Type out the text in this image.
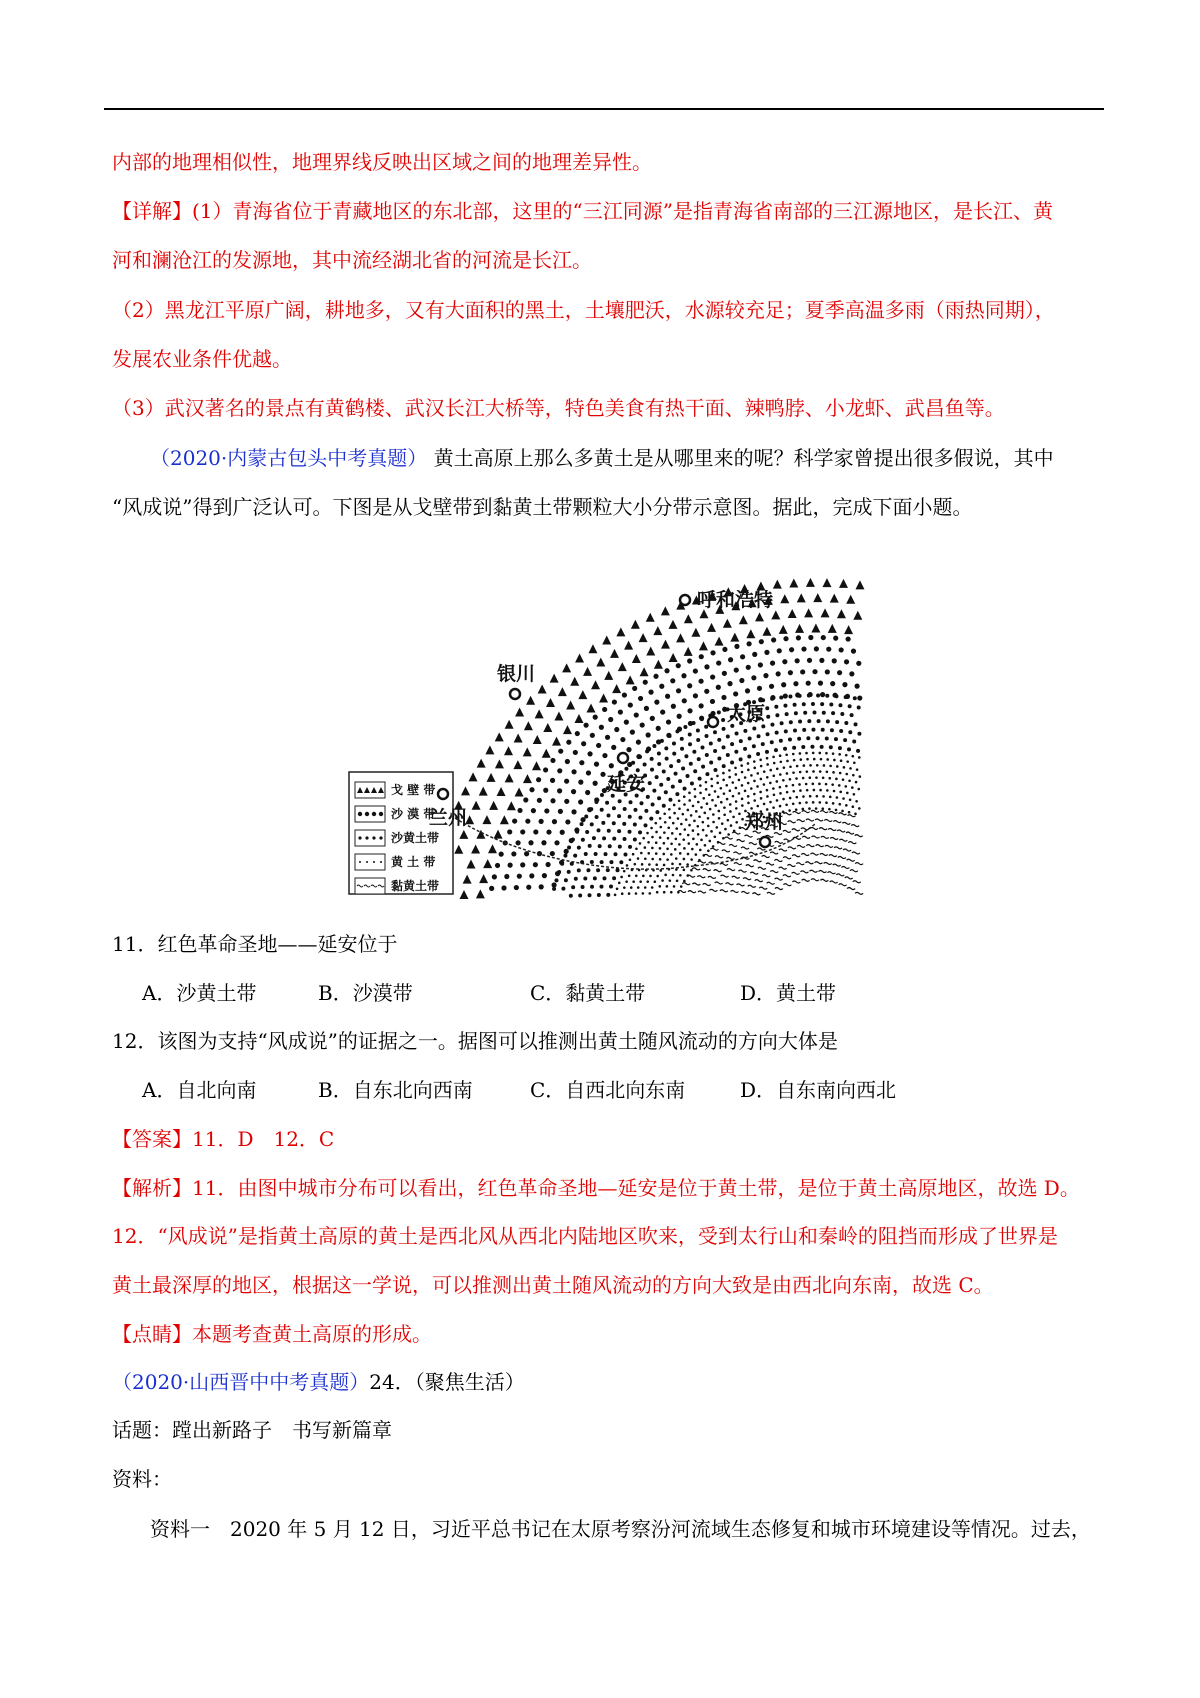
内部的地理相似性，地理界线反映出区域之间的地理差异性。
【详解】(1）青海省位于青藏地区的东北部，这里的“三江同源”是指青海省南部的三江源地区，是长江、黄
河和澜沧江的发源地，其中流经湖北省的河流是长江。
（2）黑龙江平原广阔，耕地多，又有大面积的黑土，土壤肥沃，水源较充足；夏季高温多雨（雨热同期），
发展农业条件优越。
（3）武汉著名的景点有黄鹤楼、武汉长江大桥等，特色美食有热干面、辣鸭脖、小龙虾、武昌鱼等。
（2020·内蒙古包头中考真题） 黄土高原上那么多黄土是从哪里来的呢？科学家曾提出很多假说，其中
“风成说”得到广泛认可。下图是从戈壁带到黏黄土带颗粒大小分带示意图。据此，完成下面小题。
戈 壁 带
沙 漠 带
沙黄土带
黄 土 带
黏黄土带
呼和浩特
银川
太原
延安
兰州	郑州
11．红色革命圣地——延安位于
A．沙黄土带	B．沙漠带	C．黏黄土带	D．黄土带
12．该图为支持“风成说”的证据之一。据图可以推测出黄土随风流动的方向大体是
A．自北向南	B．自东北向西南	C．自西北向东南	D．自东南向西北
【答案】11．D　12．C
【解析】11．由图中城市分布可以看出，红色革命圣地—延安是位于黄土带，是位于黄土高原地区，故选 D。
12．“风成说”是指黄土高原的黄土是西北风从西北内陆地区吹来，受到太行山和秦岭的阻挡而形成了世界是
黄土最深厚的地区，根据这一学说，可以推测出黄土随风流动的方向大致是由西北向东南，故选 C。
【点睛】本题考查黄土高原的形成。
（2020·山西晋中中考真题）24．（聚焦生活）
话题：蹚出新路子　书写新篇章
资料：
资料一　2020 年 5 月 12 日，习近平总书记在太原考察汾河流域生态修复和城市环境建设等情况。过去，
